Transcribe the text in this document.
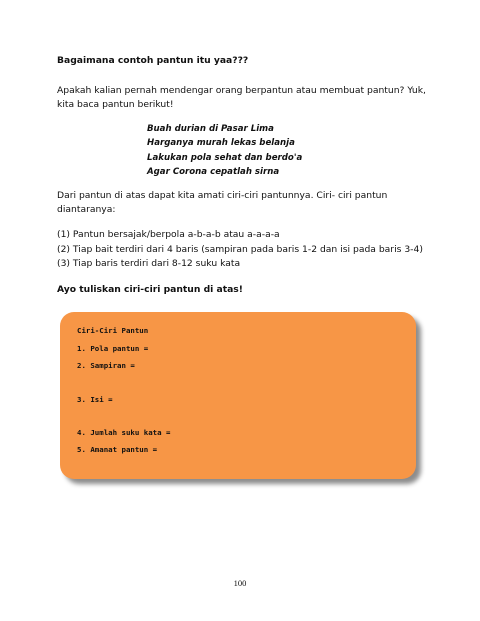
Bagaimana contoh pantun itu yaa???

Apakah kalian pernah mendengar orang berpantun atau membuat pantun? Yuk, kita baca pantun berikut!

Buah durian di Pasar Lima
Harganya murah lekas belanja
Lakukan pola sehat dan berdo'a
Agar Corona cepatlah sirna

Dari pantun di atas dapat kita amati ciri-ciri pantunnya. Ciri- ciri pantun diantaranya:

(1) Pantun bersajak/berpola a-b-a-b atau a-a-a-a
(2) Tiap bait terdiri dari 4 baris (sampiran pada baris 1-2 dan isi pada baris 3-4)
(3) Tiap baris terdiri dari 8-12 suku kata

Ayo tuliskan ciri-ciri pantun di atas!

Ciri-Ciri Pantun

1. Pola pantun =

2. Sampiran =

3. Isi =

4. Jumlah suku kata =

5. Amanat pantun =

100
